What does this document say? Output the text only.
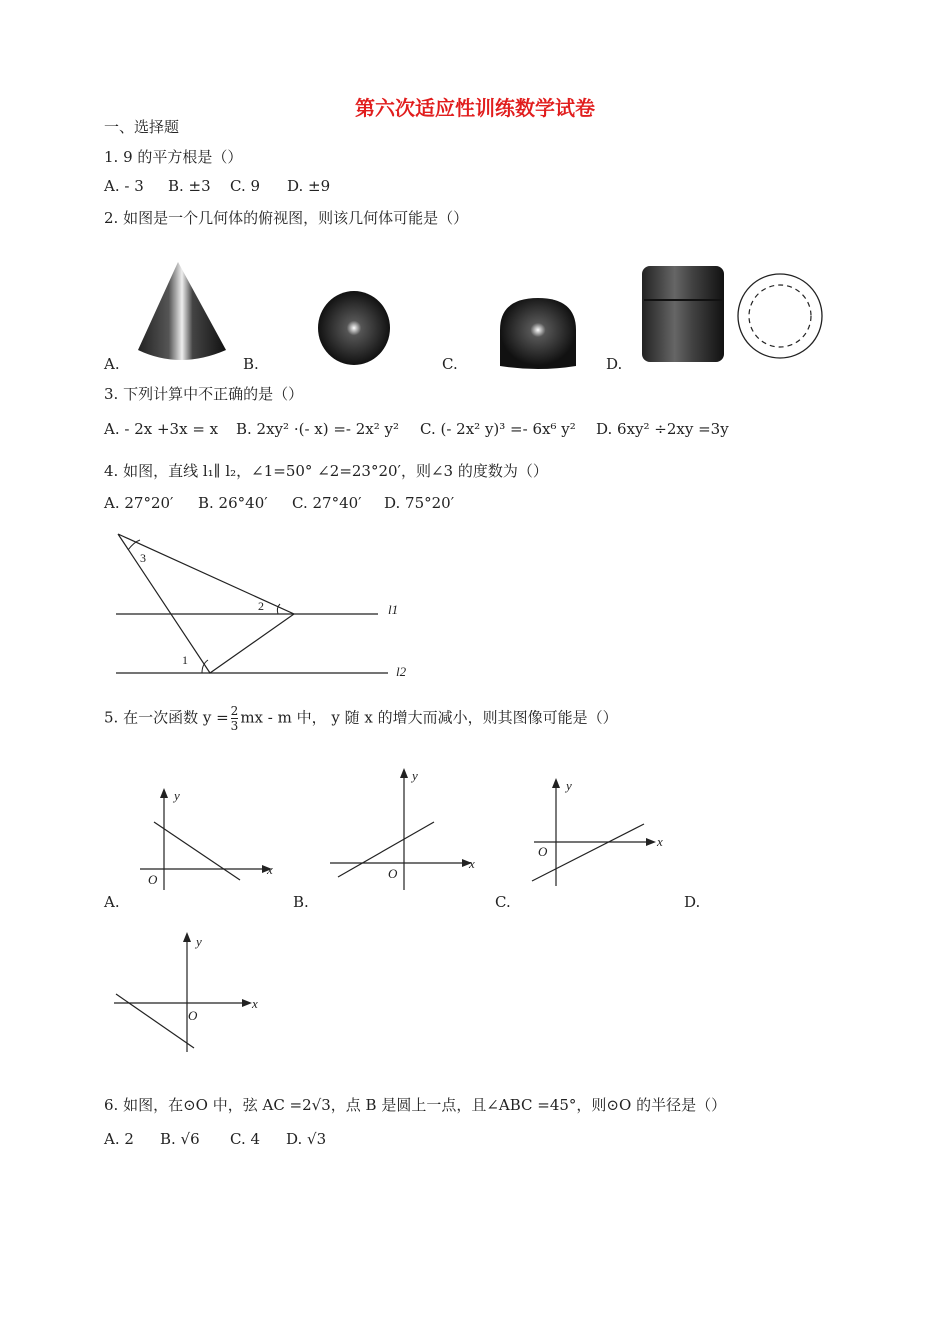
第六次适应性训练数学试卷
一、选择题
1. 9 的平方根是（）
A. - 3 B. ±3 C. 9 D. ±9
2. 如图是一个几何体的俯视图，则该几何体可能是（）
A.	B.	C.	D.
3. 下列计算中不正确的是（）
A. - 2x +3x = x B. 2xy² ·(- x) =- 2x² y² C. (- 2x² y)³ =- 6x⁶ y² D. 6xy² ÷2xy =3y
4. 如图，直线 l₁∥ l₂，∠1=50° ∠2=23°20′，则∠3 的度数为（）
A. 27°20′ B. 26°40′ C. 27°40′ D. 75°20′
3
2
1
l1
l2
5. 在一次函数 $y = \frac{2}{3}$ mx - m 中， y 随 x 的增大而减小，则其图像可能是（）
y
x
O
y
x
O
y
x
O
A.	B.	C.	D.
y
x
O
6. 如图，在⊙O 中，弦 AC =2√3，点 B 是圆上一点，且∠ABC =45°，则⊙O 的半径是（）
A. 2 B. √6 C. 4 D. √3
